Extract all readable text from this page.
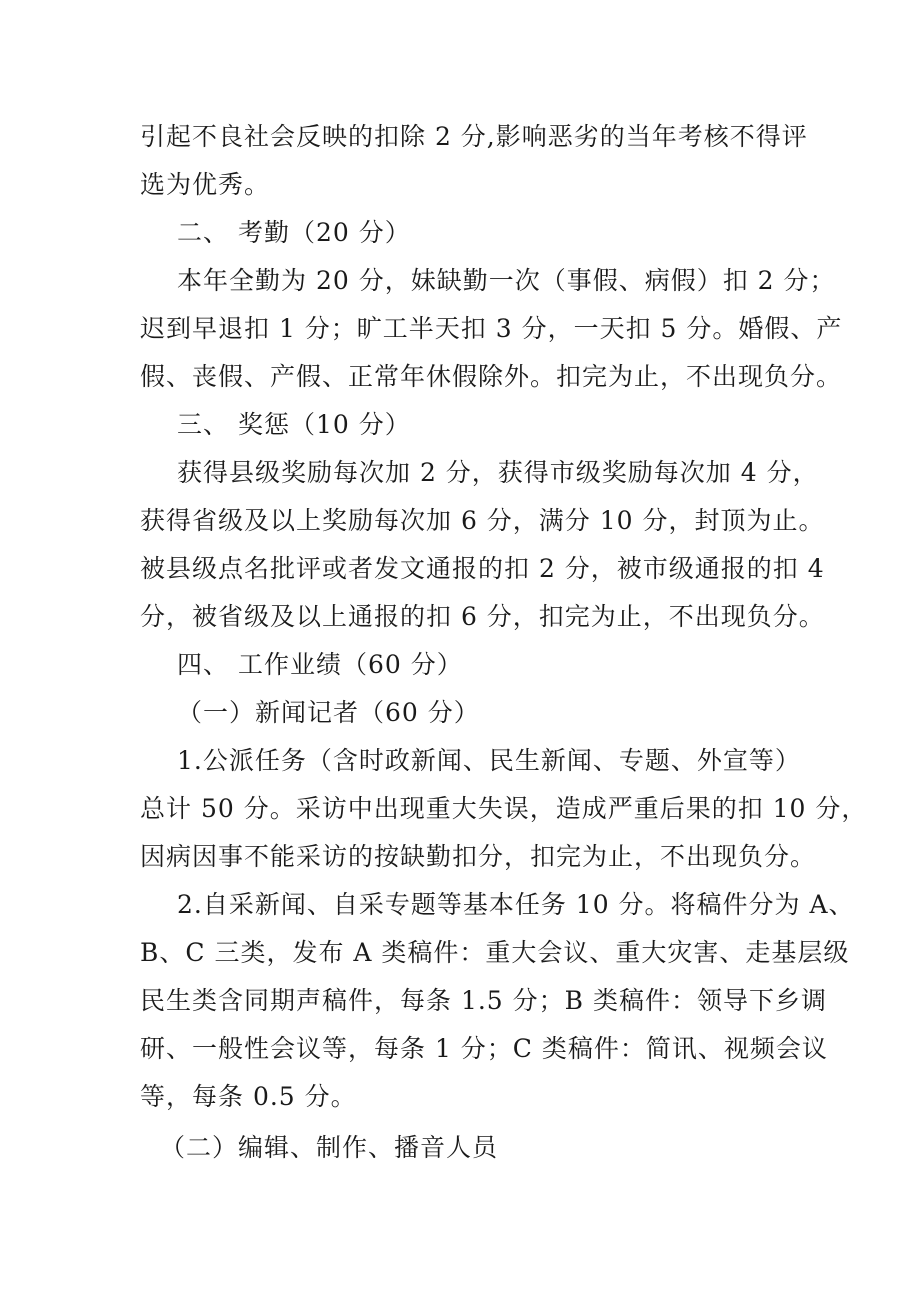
引起不良社会反映的扣除 2 分,影响恶劣的当年考核不得评
选为优秀。
二、 考勤（20 分）
本年全勤为 20 分，妹缺勤一次（事假、病假）扣 2 分；
迟到早退扣 1 分；旷工半天扣 3 分，一天扣 5 分。婚假、产
假、丧假、产假、正常年休假除外。扣完为止，不出现负分。
三、 奖惩（10 分）
获得县级奖励每次加 2 分，获得市级奖励每次加 4 分，
获得省级及以上奖励每次加 6 分，满分 10 分，封顶为止。
被县级点名批评或者发文通报的扣 2 分，被市级通报的扣 4
分，被省级及以上通报的扣 6 分，扣完为止，不出现负分。
四、 工作业绩（60 分）
（一）新闻记者（60 分）
1.公派任务（含时政新闻、民生新闻、专题、外宣等）
总计 50 分。采访中出现重大失误，造成严重后果的扣 10 分，
因病因事不能采访的按缺勤扣分，扣完为止，不出现负分。
2.自采新闻、自采专题等基本任务 10 分。将稿件分为 A、
B、C 三类，发布 A 类稿件：重大会议、重大灾害、走基层级
民生类含同期声稿件，每条 1.5 分；B 类稿件：领导下乡调
研、一般性会议等，每条 1 分；C 类稿件：简讯、视频会议
等，每条 0.5 分。
（二）编辑、制作、播音人员
